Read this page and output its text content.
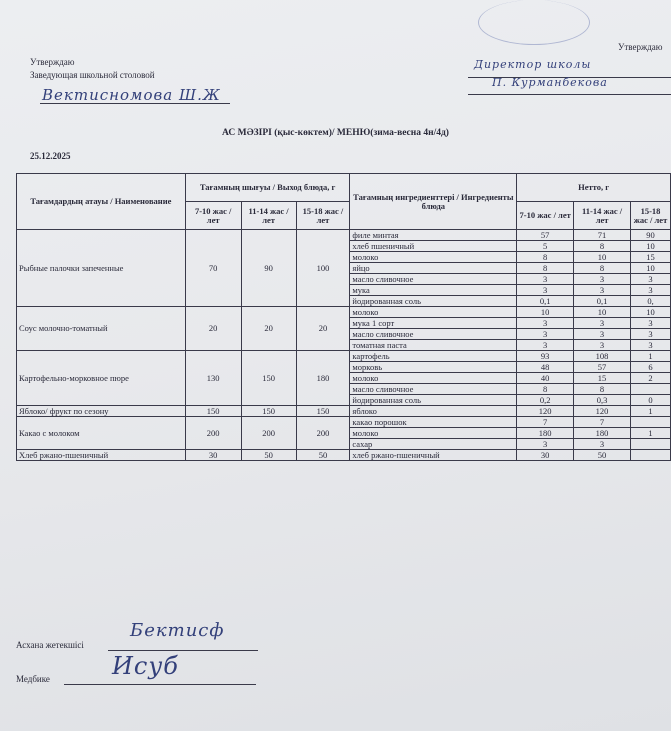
Утверждаю
Заведующая школьной столовой
Вектисномова Ш.Ж
Утверждаю
Директор школы
П. Курманбекова
АС МӘЗІРІ (қыс-көктем)/ МЕНЮ(зима-весна 4н/4д)
25.12.2025
Тағамдардың атауы / Наименование	Тағамның шығуы / Выход блюда, г			Тағамның ингредиенттері / Ингредиенты блюда	Нетто, г		
	7-10 жас / лет	11-14 жас / лет	15-18 жас / лет		7-10 жас / лет	11-14 жас / лет	15-18 жас / лет
Рыбные палочки запеченные	70	90	100	филе минтая	57	71	90
				хлеб пшеничный	5	8	10
				молоко	8	10	15
				яйцо	8	8	10
				масло сливочное	3	3	3
				мука	3	3	3
				йодированная соль	0,1	0,1	0,
Соус молочно-томатный	20	20	20	молоко	10	10	10
				мука 1 сорт	3	3	3
				масло сливочное	3	3	3
				томатная паста	3	3	3
Картофельно-морковное пюре	130	150	180	картофель	93	108	1
				морковь	48	57	6
				молоко	40	15	2
				масло сливочное	8	8	
				йодированная соль	0,2	0,3	0
Яблоко/ фрукт по сезону	150	150	150	яблоко	120	120	1
Какао с молоком	200	200	200	какао порошок	7	7	
				молоко	180	180	1
				сахар	3	3	
Хлеб ржано-пшеничный	30	50	50	хлеб ржано-пшеничный	30	50	
Асхана жетекшісі
Бектисф
Медбике	Исуб
